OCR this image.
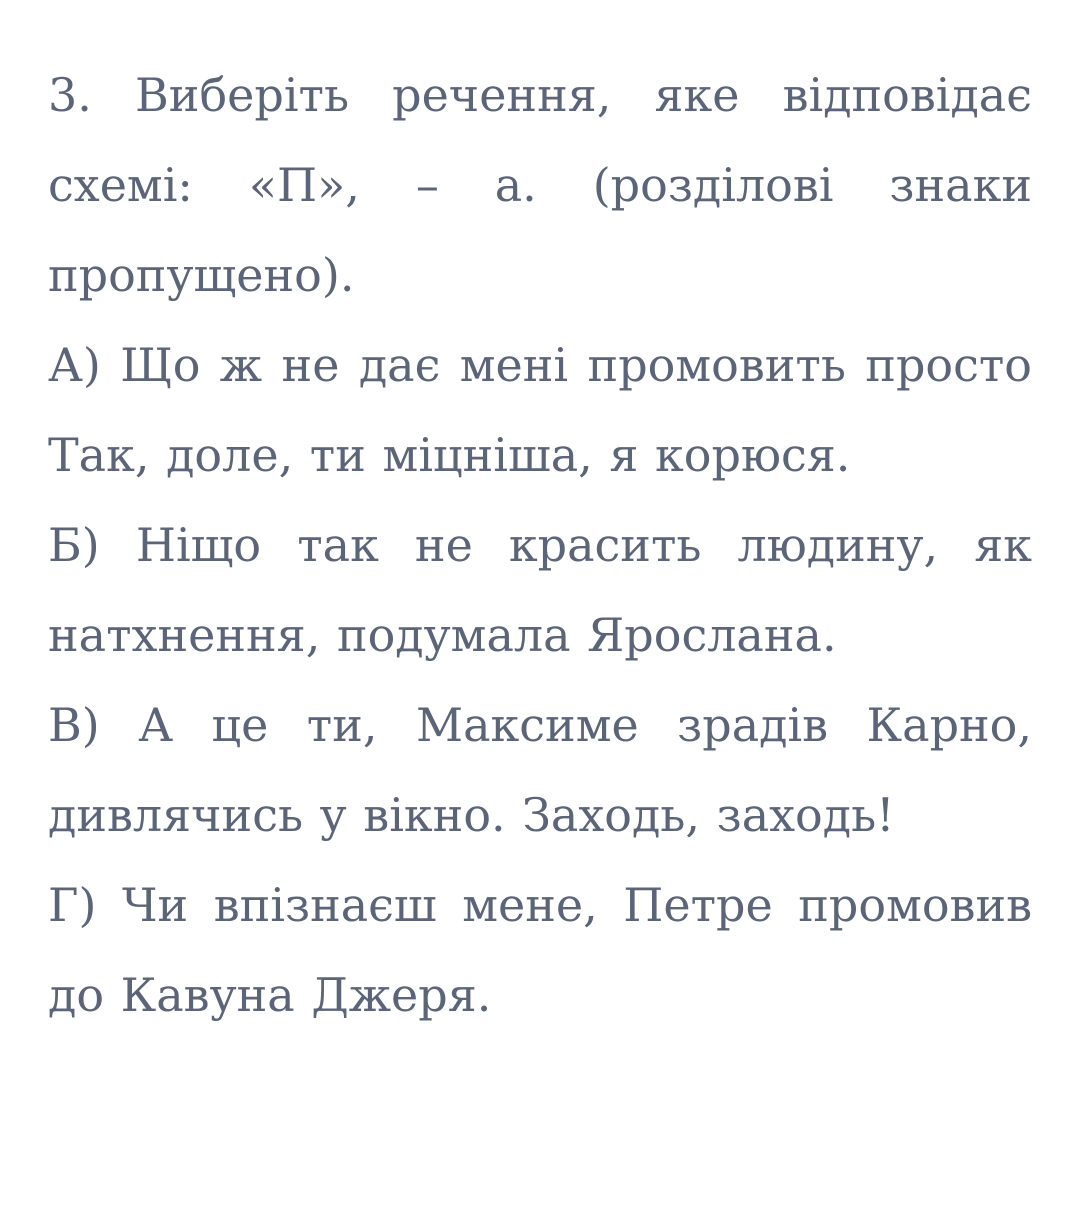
3. Виберіть речення, яке відповідає схемі: «П», – а. (розділові знаки пропущено).

А) Що ж не дає мені промовить просто Так, доле, ти міцніша, я корюся.

Б) Ніщо так не красить людину, як натхнення, подумала Ярослана.

В) А це ти, Максиме зрадів Карно, дивлячись у вікно. Заходь, заходь!

Г) Чи впізнаєш мене, Петре промовив до Кавуна Джеря.
